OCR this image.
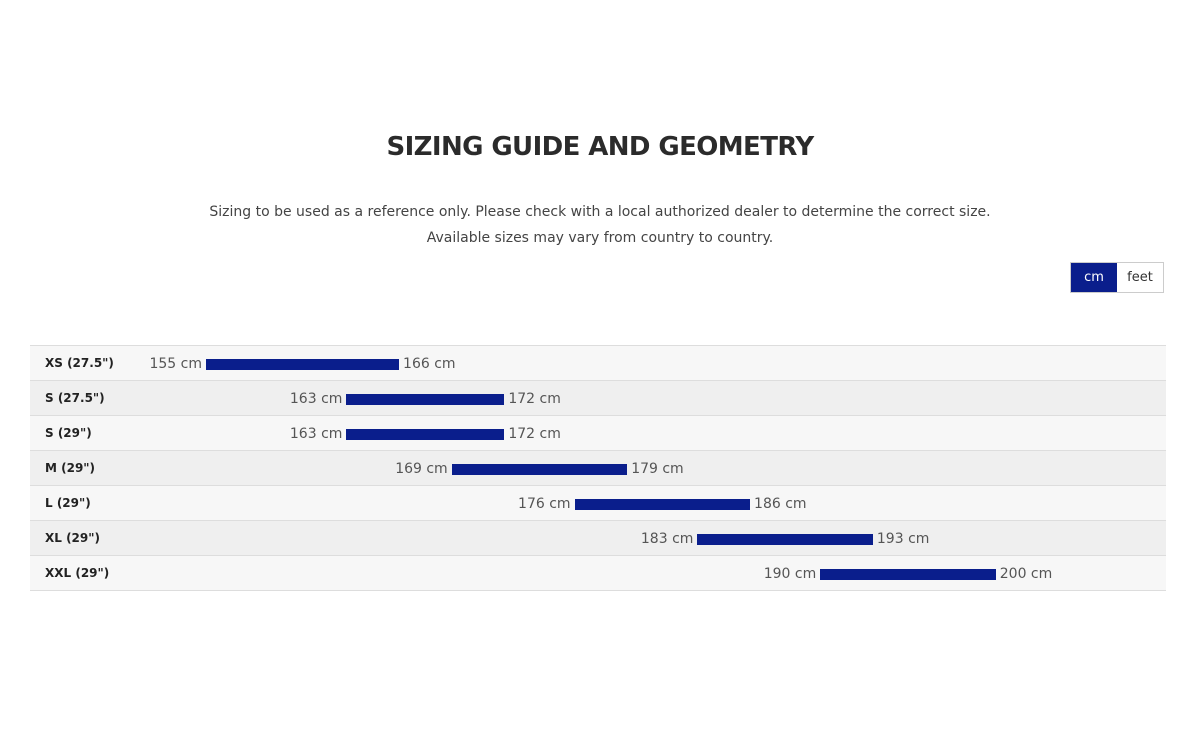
SIZING GUIDE AND GEOMETRY
Sizing to be used as a reference only. Please check with a local authorized dealer to determine the correct size.
Available sizes may vary from country to country.
cm	feet
XS (27.5")	155 cm	166 cm
S (27.5")	163 cm	172 cm
S (29")	163 cm	172 cm
M (29")	169 cm	179 cm
L (29")	176 cm	186 cm
XL (29")	183 cm	193 cm
XXL (29")	190 cm	200 cm
